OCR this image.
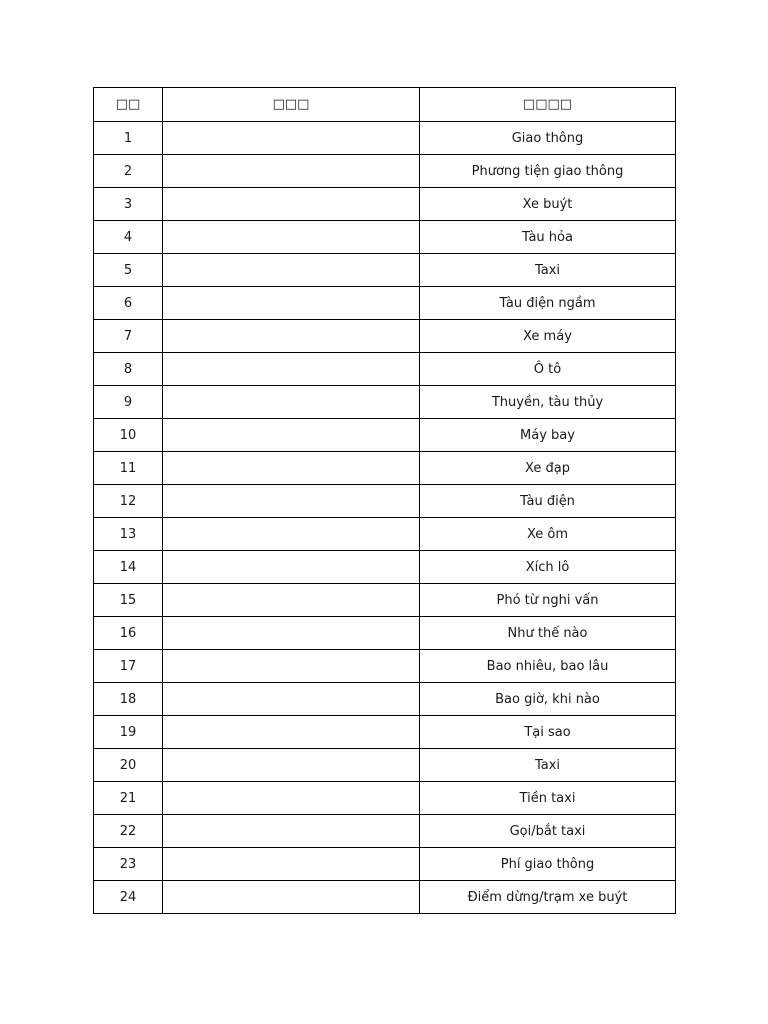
□□	□□□	□□□□
1		Giao thông
2		Phương tiện giao thông
3		Xe buýt
4		Tàu hỏa
5		Taxi
6		Tàu điện ngầm
7		Xe máy
8		Ô tô
9		Thuyền, tàu thủy
10		Máy bay
11		Xe đạp
12		Tàu điện
13		Xe ôm
14		Xích lô
15		Phó từ nghi vấn
16		Như thế nào
17		Bao nhiêu, bao lâu
18		Bao giờ, khi nào
19		Tại sao
20		Taxi
21		Tiền taxi
22		Gọi/bắt taxi
23		Phí giao thông
24		Điểm dừng/trạm xe buýt
